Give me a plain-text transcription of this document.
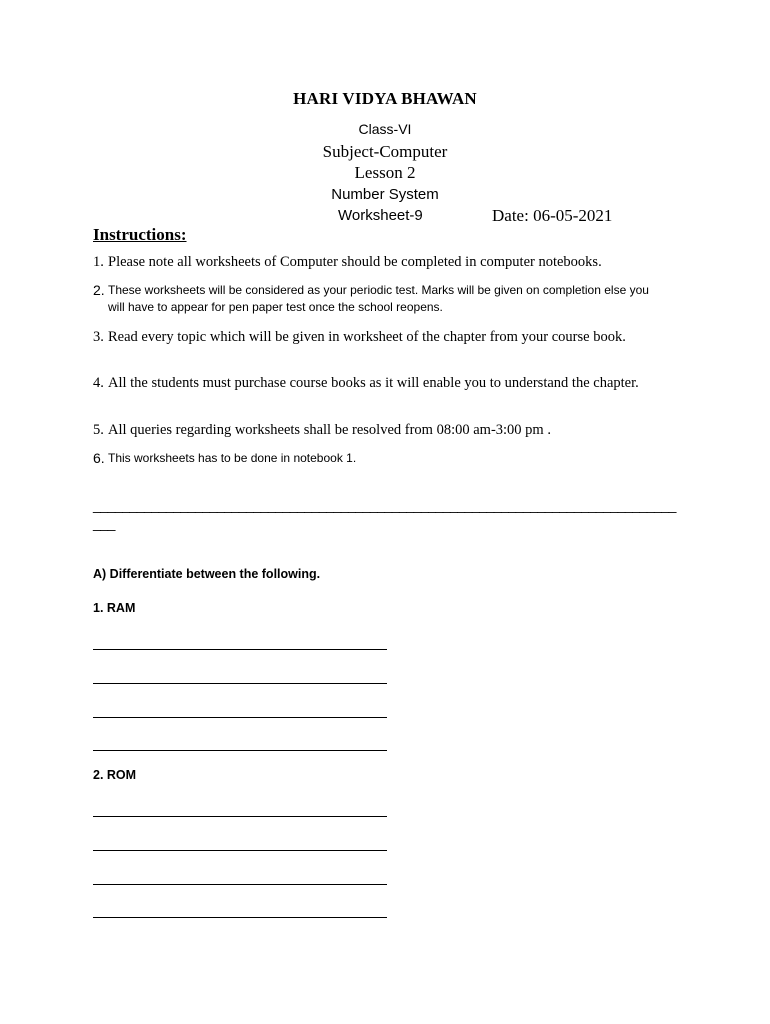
HARI VIDYA BHAWAN
Class-VI
Subject-Computer
Lesson 2
Number System
Worksheet-9	Date: 06-05-2021
Instructions:
1. Please note all worksheets of Computer should be completed in computer notebooks.
2. These worksheets will be considered as your periodic test. Marks will be given on completion else you will have to appear for pen paper test once the school reopens.
3. Read every topic which will be given in worksheet of the chapter from your course book.
4. All the students must purchase course books as it will enable you to understand the chapter.
5. All queries regarding worksheets shall be resolved from 08:00 am-3:00 pm .
6. This worksheets has to be done in notebook 1.
________________________________________________________________________________
___
A) Differentiate between the following.
1. RAM
2. ROM
